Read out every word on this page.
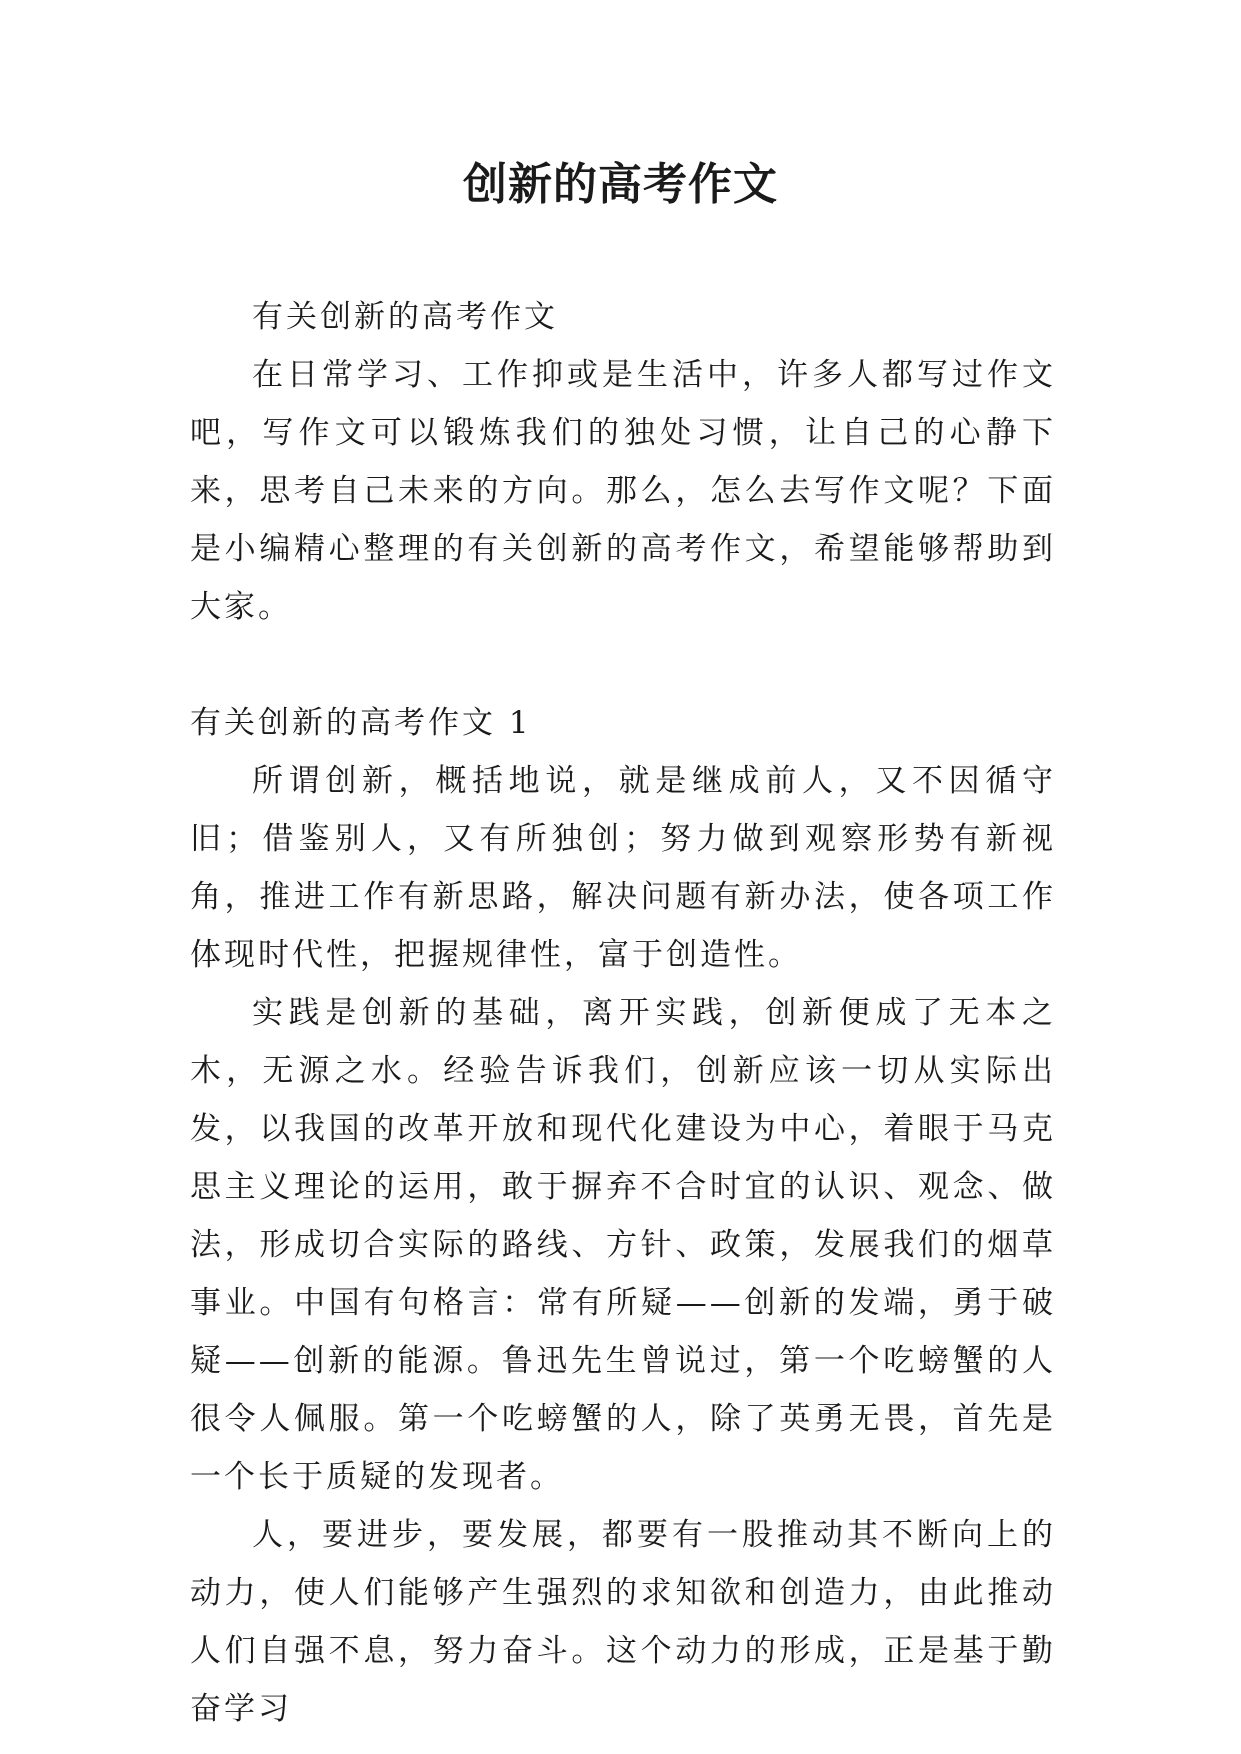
创新的高考作文

有关创新的高考作文

在日常学习、工作抑或是生活中，许多人都写过作文吧，写作文可以锻炼我们的独处习惯，让自己的心静下来，思考自己未来的方向。那么，怎么去写作文呢？下面是小编精心整理的有关创新的高考作文，希望能够帮助到大家。

有关创新的高考作文 1

所谓创新，概括地说，就是继成前人，又不因循守旧；借鉴别人，又有所独创；努力做到观察形势有新视角，推进工作有新思路，解决问题有新办法，使各项工作体现时代性，把握规律性，富于创造性。

实践是创新的基础，离开实践，创新便成了无本之木，无源之水。经验告诉我们，创新应该一切从实际出发，以我国的改革开放和现代化建设为中心，着眼于马克思主义理论的运用，敢于摒弃不合时宜的认识、观念、做法，形成切合实际的路线、方针、政策，发展我们的烟草事业。中国有句格言：常有所疑——创新的发端，勇于破疑——创新的能源。鲁迅先生曾说过，第一个吃螃蟹的人很令人佩服。第一个吃螃蟹的人，除了英勇无畏，首先是一个长于质疑的发现者。

人，要进步，要发展，都要有一股推动其不断向上的动力，使人们能够产生强烈的求知欲和创造力，由此推动人们自强不息，努力奋斗。这个动力的形成，正是基于勤奋学习
